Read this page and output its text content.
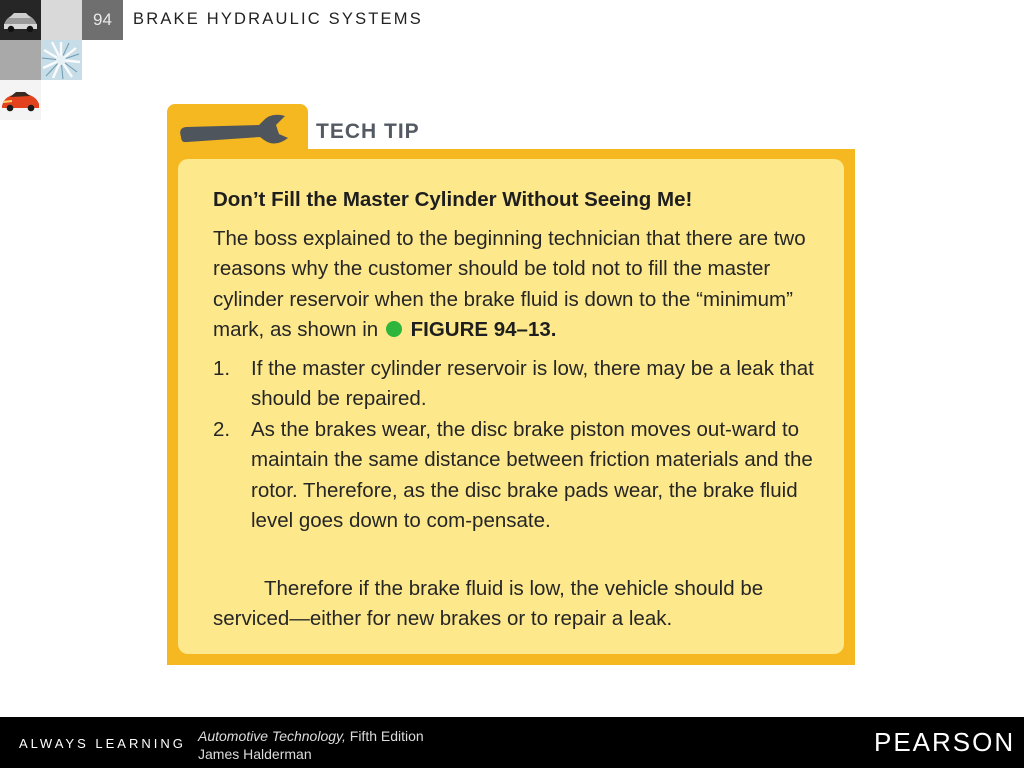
94	BRAKE HYDRAULIC SYSTEMS
TECH TIP
Don’t Fill the Master Cylinder Without Seeing Me!
The boss explained to the beginning technician that there are two reasons why the customer should be told not to fill the master cylinder reservoir when the brake fluid is down to the “minimum” mark, as shown in FIGURE 94–13.
1. If the master cylinder reservoir is low, there may be a leak that should be repaired.
2. As the brakes wear, the disc brake piston moves out-ward to maintain the same distance between friction materials and the rotor. Therefore, as the disc brake pads wear, the brake fluid level goes down to com-pensate.
Therefore if the brake fluid is low, the vehicle should be serviced—either for new brakes or to repair a leak.
ALWAYS LEARNING Automotive Technology, Fifth Edition
James Halderman	PEARSON
